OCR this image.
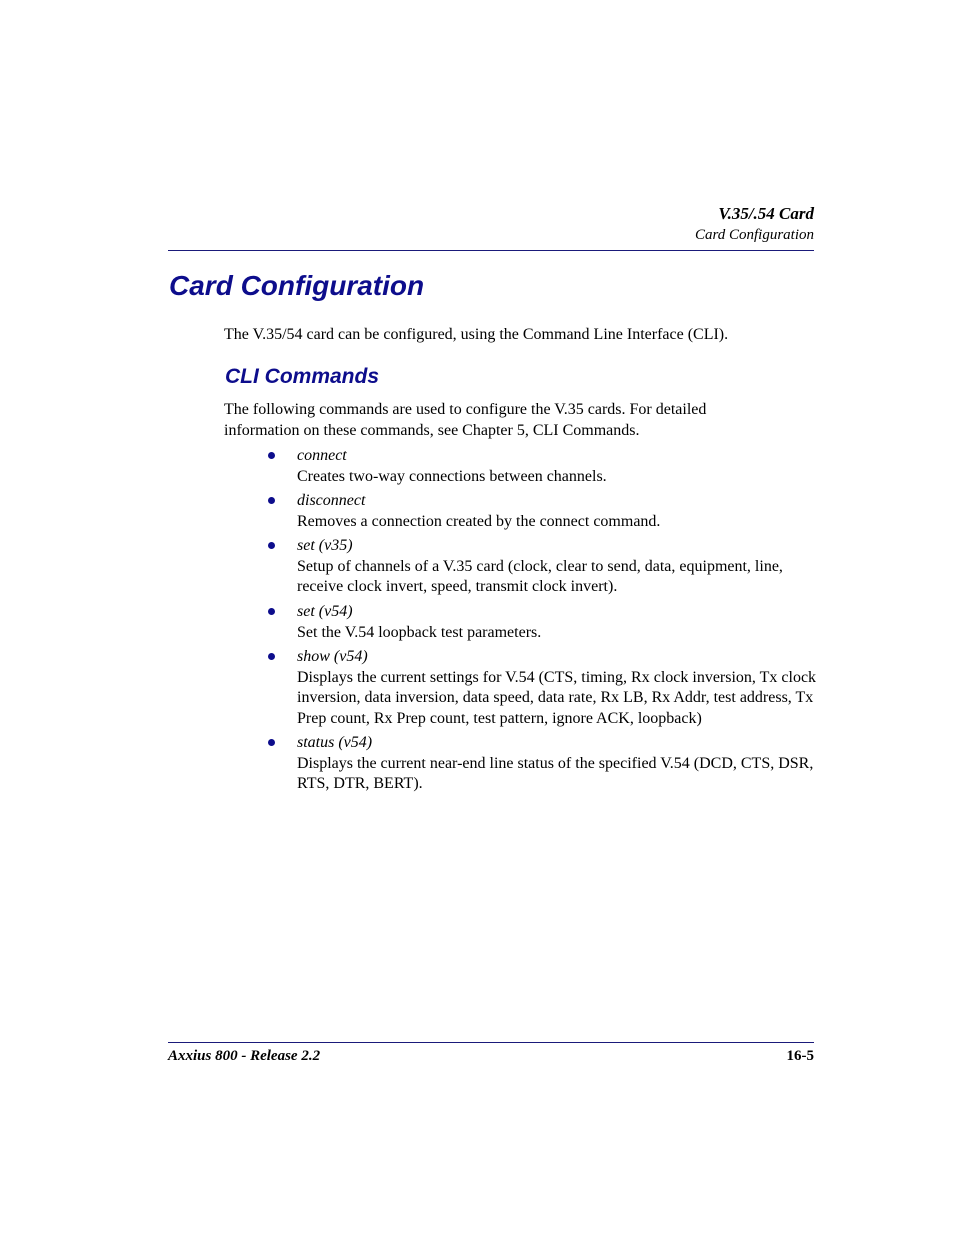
V.35/.54 Card
Card Configuration
Card Configuration
The V.35/54 card can be configured, using the Command Line Interface (CLI).
CLI Commands
The following commands are used to configure the V.35 cards. For detailed information on these commands, see Chapter 5, CLI Commands.
connect
Creates two-way connections between channels.
disconnect
Removes a connection created by the connect command.
set (v35)
Setup of channels of a V.35 card (clock, clear to send, data, equipment, line, receive clock invert, speed, transmit clock invert).
set (v54)
Set the V.54 loopback test parameters.
show (v54)
Displays the current settings for V.54 (CTS, timing, Rx clock inversion, Tx clock inversion, data inversion, data speed, data rate, Rx LB, Rx Addr, test address, Tx Prep count, Rx Prep count, test pattern, ignore ACK, loopback)
status (v54)
Displays the current near-end line status of the specified V.54 (DCD, CTS, DSR, RTS, DTR, BERT).
Axxius 800 - Release 2.2	16-5
